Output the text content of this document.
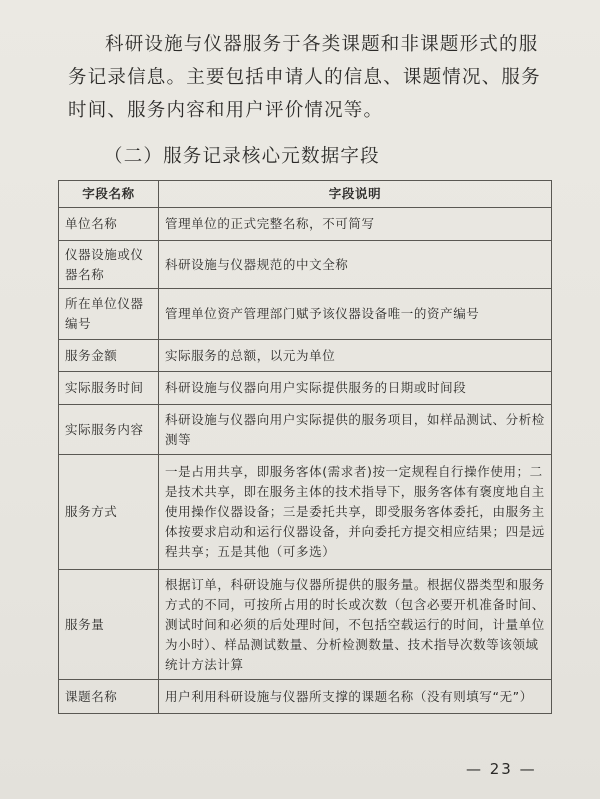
科研设施与仪器服务于各类课题和非课题形式的服务记录信息。主要包括申请人的信息、课题情况、服务时间、服务内容和用户评价情况等。

（二）服务记录核心元数据字段

字段名称	字段说明
单位名称	管理单位的正式完整名称，不可简写
仪器设施或仪器名称	科研设施与仪器规范的中文全称
所在单位仪器编号	管理单位资产管理部门赋予该仪器设备唯一的资产编号
服务金额	实际服务的总额，以元为单位
实际服务时间	科研设施与仪器向用户实际提供服务的日期或时间段
实际服务内容	科研设施与仪器向用户实际提供的服务项目，如样品测试、分析检测等
服务方式	一是占用共享，即服务客体(需求者)按一定规程自行操作使用；二是技术共享，即在服务主体的技术指导下，服务客体有褒度地自主使用操作仪器设备；三是委托共享，即受服务客体委托，由服务主体按要求启动和运行仪器设备，并向委托方提交相应结果；四是远程共享；五是其他（可多选）
服务量	根据订单，科研设施与仪器所提供的服务量。根据仪器类型和服务方式的不同，可按所占用的时长或次数（包含必要开机准备时间、测试时间和必须的后处理时间，不包括空载运行的时间，计量单位为小时）、样品测试数量、分析检测数量、技术指导次数等该领域统计方法计算
课题名称	用户利用科研设施与仪器所支撑的课题名称（没有则填写“无”）
— 23 —
